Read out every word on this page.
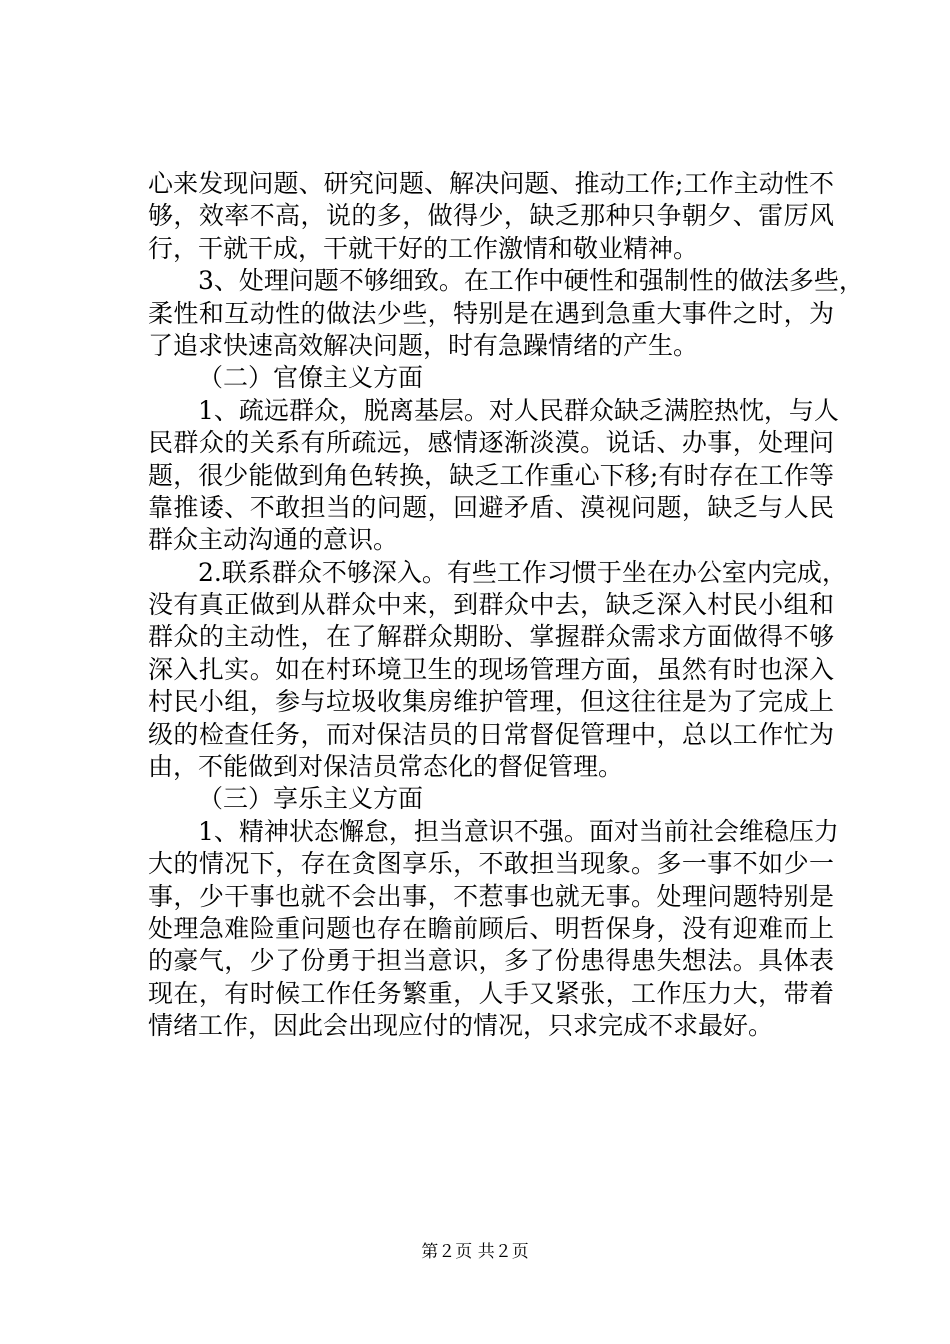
心来发现问题、研究问题、解决问题、推动工作;工作主动性不
够，效率不高，说的多，做得少，缺乏那种只争朝夕、雷厉风
行，干就干成，干就干好的工作激情和敬业精神。
3、处理问题不够细致。在工作中硬性和强制性的做法多些，
柔性和互动性的做法少些，特别是在遇到急重大事件之时，为
了追求快速高效解决问题，时有急躁情绪的产生。
（二）官僚主义方面
1、疏远群众，脱离基层。对人民群众缺乏满腔热忱，与人
民群众的关系有所疏远，感情逐渐淡漠。说话、办事，处理问
题，很少能做到角色转换，缺乏工作重心下移;有时存在工作等
靠推诿、不敢担当的问题，回避矛盾、漠视问题，缺乏与人民
群众主动沟通的意识。
2.联系群众不够深入。有些工作习惯于坐在办公室内完成，
没有真正做到从群众中来，到群众中去，缺乏深入村民小组和
群众的主动性，在了解群众期盼、掌握群众需求方面做得不够
深入扎实。如在村环境卫生的现场管理方面，虽然有时也深入
村民小组，参与垃圾收集房维护管理，但这往往是为了完成上
级的检查任务，而对保洁员的日常督促管理中，总以工作忙为
由，不能做到对保洁员常态化的督促管理。
（三）享乐主义方面
1、精神状态懈怠，担当意识不强。面对当前社会维稳压力
大的情况下，存在贪图享乐，不敢担当现象。多一事不如少一
事，少干事也就不会出事，不惹事也就无事。处理问题特别是
处理急难险重问题也存在瞻前顾后、明哲保身，没有迎难而上
的豪气，少了份勇于担当意识，多了份患得患失想法。具体表
现在，有时候工作任务繁重，人手又紧张，工作压力大，带着
情绪工作，因此会出现应付的情况，只求完成不求最好。
第２页 共２页
